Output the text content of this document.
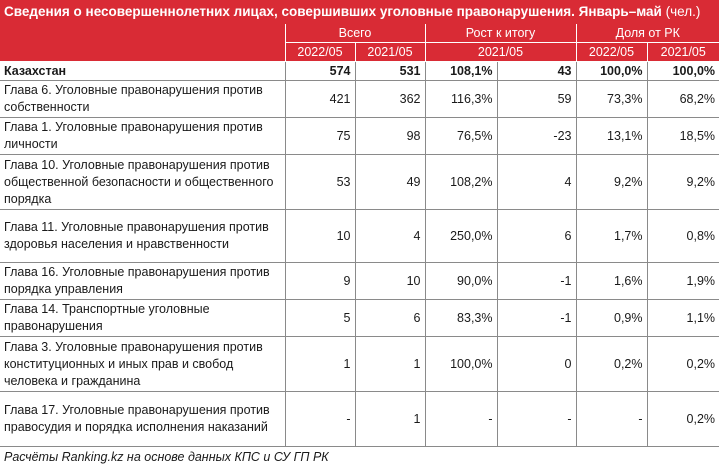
Сведения о несовершеннолетних лицах, совершивших уголовные правонарушения. Январь–май (чел.)
	Всего		Рост к итогу		Доля от РК	
	2022/05	2021/05	2021/05		2022/05	2021/05
Казахстан	574	531	108,1%	43	100,0%	100,0%
Глава 6. Уголовные правонарушения против собственности	421	362	116,3%	59	73,3%	68,2%
Глава 1. Уголовные правонарушения против личности	75	98	76,5%	-23	13,1%	18,5%
Глава 10. Уголовные правонарушения против общественной безопасности и общественного порядка	53	49	108,2%	4	9,2%	9,2%
Глава 11. Уголовные правонарушения против здоровья населения и нравственности	10	4	250,0%	6	1,7%	0,8%
Глава 16. Уголовные правонарушения против порядка управления	9	10	90,0%	-1	1,6%	1,9%
Глава 14. Транспортные уголовные правонарушения	5	6	83,3%	-1	0,9%	1,1%
Глава 3. Уголовные правонарушения против конституционных и иных прав и свобод человека и гражданина	1	1	100,0%	0	0,2%	0,2%
Глава 17. Уголовные правонарушения против правосудия и порядка исполнения наказаний	-	1	-	-	-	0,2%
Расчёты Ranking.kz на основе данных КПС и СУ ГП РК
